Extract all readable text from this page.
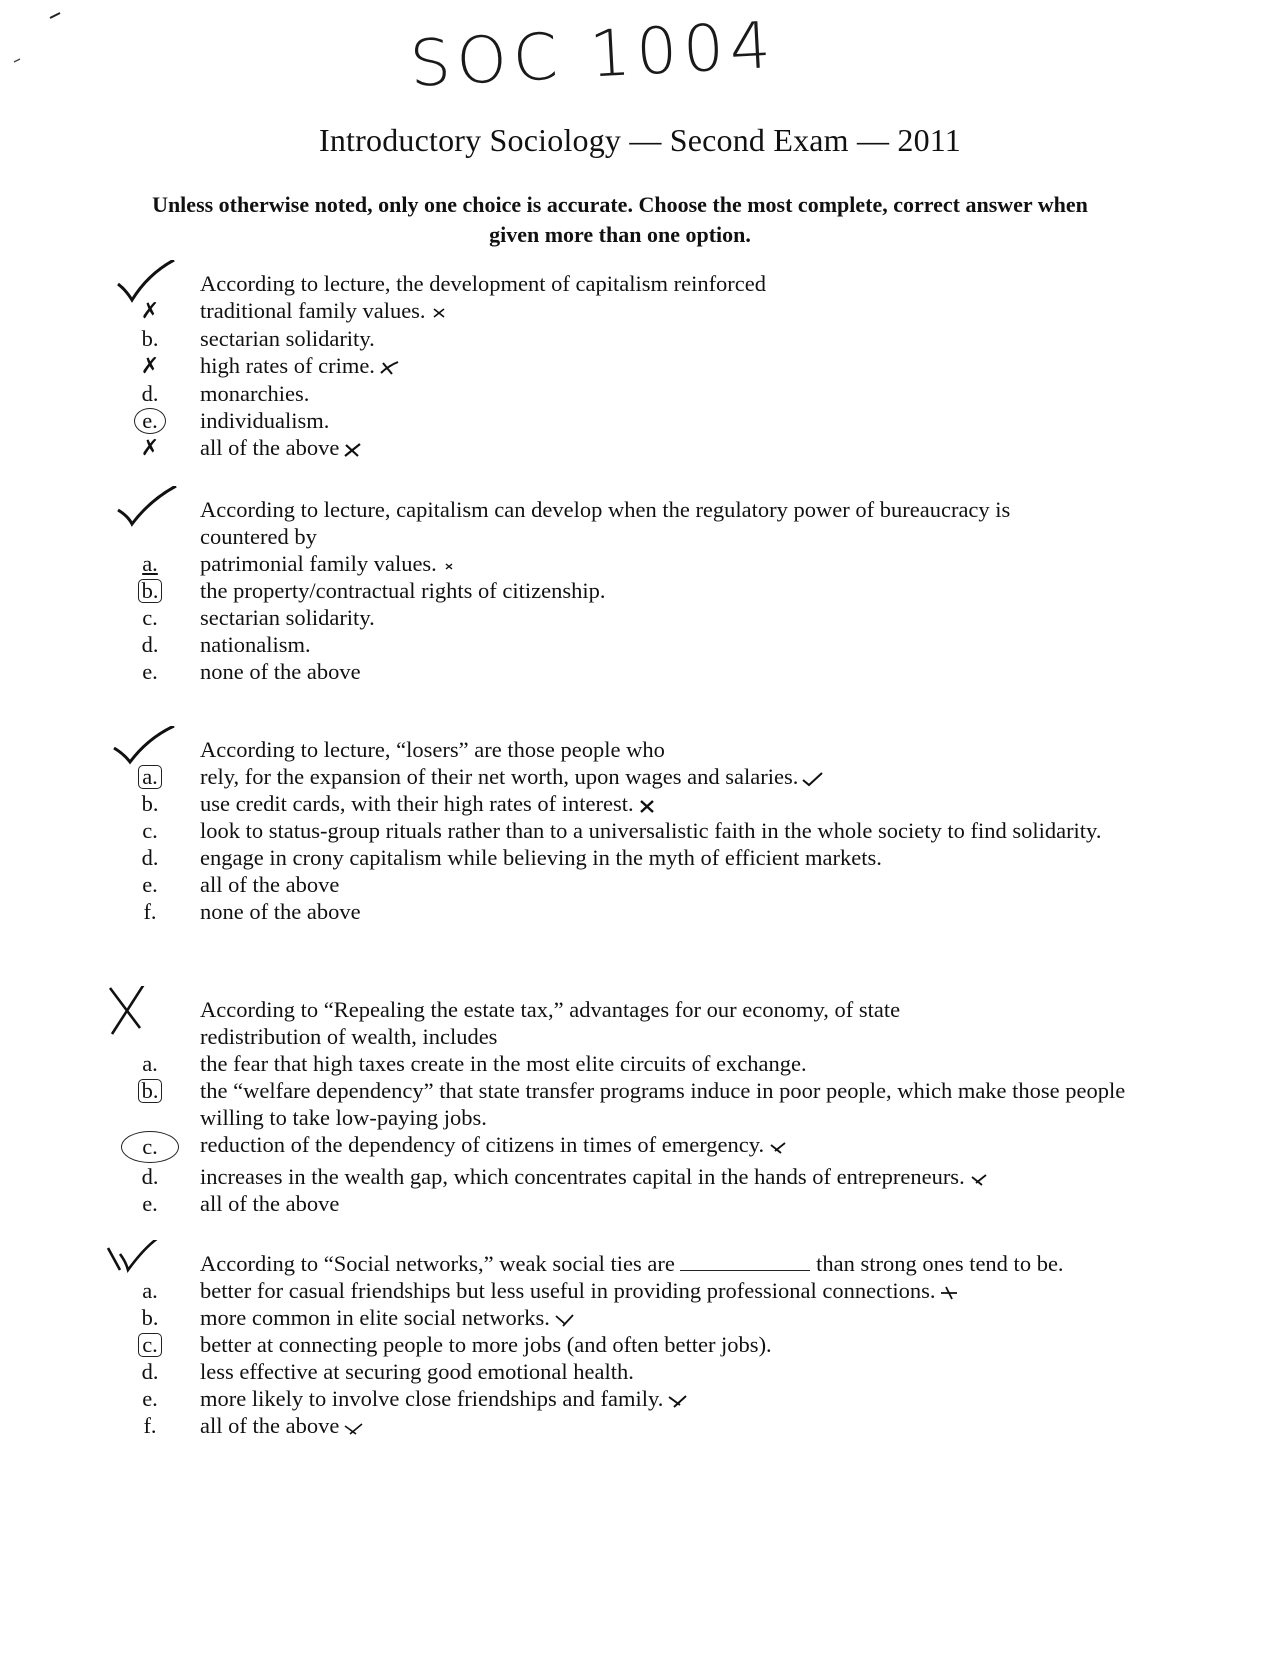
SOC 1004
Introductory Sociology — Second Exam — 2011
Unless otherwise noted, only one choice is accurate. Choose the most complete, correct answer when given more than one option.
According to lecture, the development of capitalism reinforced
✗	traditional family values.
b.	sectarian solidarity.
✗	high rates of crime.
d.	monarchies.
e.	individualism.
✗	all of the above
According to lecture, capitalism can develop when the regulatory power of bureaucracy is countered by
a.	patrimonial family values.
b.	the property/contractual rights of citizenship.
c.	sectarian solidarity.
d.	nationalism.
e.	none of the above
According to lecture, “losers” are those people who
a.	rely, for the expansion of their net worth, upon wages and salaries.
b.	use credit cards, with their high rates of interest.
c.	look to status-group rituals rather than to a universalistic faith in the whole society to find solidarity.
d.	engage in crony capitalism while believing in the myth of efficient markets.
e.	all of the above
f.	none of the above
According to “Repealing the estate tax,” advantages for our economy, of state redistribution of wealth, includes
a.	the fear that high taxes create in the most elite circuits of exchange.
b.	the “welfare dependency” that state transfer programs induce in poor people, which make those people willing to take low-paying jobs.
c.	reduction of the dependency of citizens in times of emergency.
d.	increases in the wealth gap, which concentrates capital in the hands of entrepreneurs.
e.	all of the above
According to “Social networks,” weak social ties are	than strong ones tend to be.
a.	better for casual friendships but less useful in providing professional connections.
b.	more common in elite social networks.
c.	better at connecting people to more jobs (and often better jobs).
d.	less effective at securing good emotional health.
e.	more likely to involve close friendships and family.
f.	all of the above
